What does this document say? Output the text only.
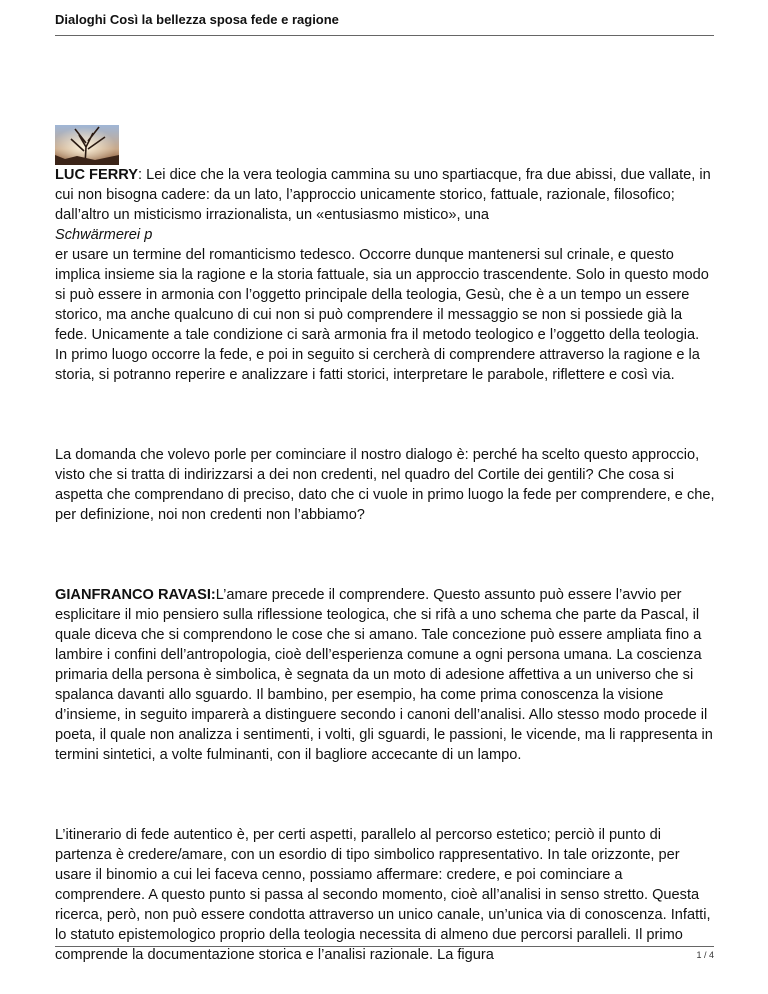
Dialoghi Così la bellezza sposa fede e ragione

LUC FERRY: Lei dice che la vera teologia cammina su uno spartiacque, fra due abissi, due vallate, in cui non bisogna cadere: da un lato, l’approccio unicamente storico, fattuale, razionale, filosofico; dall’altro un misticismo irrazionalista, un «entusiasmo mistico», una
Schwärmerei p
er usare un termine del romanticismo tedesco. Occorre dunque mantenersi sul crinale, e questo implica insieme sia la ragione e la storia fattuale, sia un approccio trascendente. Solo in questo modo si può essere in armonia con l’oggetto principale della teologia, Gesù, che è a un tempo un essere storico, ma anche qualcuno di cui non si può comprendere il messaggio se non si possiede già la fede. Unicamente a tale condizione ci sarà armonia fra il metodo teologico e l’oggetto della teologia. In primo luogo occorre la fede, e poi in seguito si cercherà di comprendere attraverso la ragione e la storia, si potranno reperire e analizzare i fatti storici, interpretare le parabole, riflettere e così via.

La domanda che volevo porle per cominciare il nostro dialogo è: perché ha scelto questo approccio, visto che si tratta di indirizzarsi a dei non credenti, nel quadro del Cortile dei gentili? Che cosa si aspetta che comprendano di preciso, dato che ci vuole in primo luogo la fede per comprendere, e che, per definizione, noi non credenti non l’abbiamo?

GIANFRANCO RAVASI:L’amare precede il comprendere. Questo assunto può essere l’avvio per esplicitare il mio pensiero sulla riflessione teologica, che si rifà a uno schema che parte da Pascal, il quale diceva che si comprendono le cose che si amano. Tale concezione può essere ampliata fino a lambire i confini dell’antropologia, cioè dell’esperienza comune a ogni persona umana. La coscienza primaria della persona è simbolica, è segnata da un moto di adesione affettiva a un universo che si spalanca davanti allo sguardo. Il bambino, per esempio, ha come prima conoscenza la visione d’insieme, in seguito imparerà a distinguere secondo i canoni dell’analisi. Allo stesso modo procede il poeta, il quale non analizza i sentimenti, i volti, gli sguardi, le passioni, le vicende, ma li rappresenta in termini sintetici, a volte fulminanti, con il bagliore accecante di un lampo.

L’itinerario di fede autentico è, per certi aspetti, parallelo al percorso estetico; perciò il punto di partenza è credere/amare, con un esordio di tipo simbolico rappresentativo. In tale orizzonte, per usare il binomio a cui lei faceva cenno, possiamo affermare: credere, e poi cominciare a comprendere. A questo punto si passa al secondo momento, cioè all’analisi in senso stretto. Questa ricerca, però, non può essere condotta attraverso un unico canale, un’unica via di conoscenza. Infatti, lo statuto epistemologico proprio della teologia necessita di almeno due percorsi paralleli. Il primo comprende la documentazione storica e l’analisi razionale. La figura	1 / 4
